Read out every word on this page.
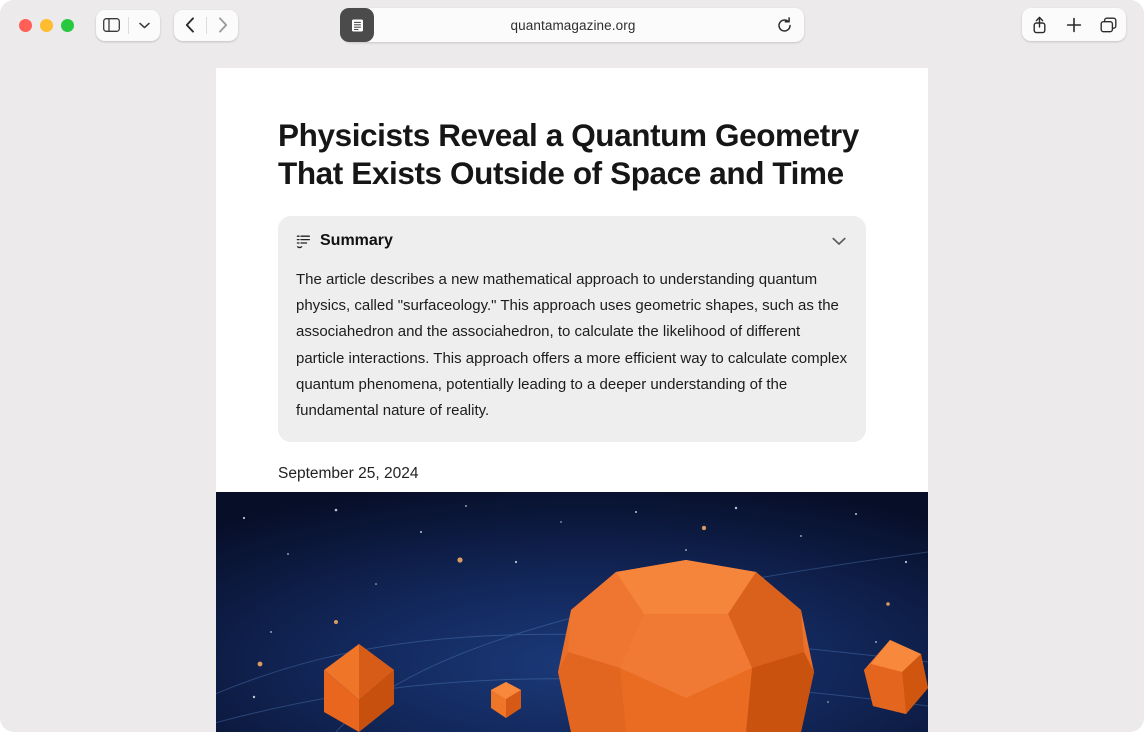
quantamagazine.org
Physicists Reveal a Quantum Geometry That Exists Outside of Space and Time
Summary

The article describes a new mathematical approach to understanding quantum physics, called "surfaceology." This approach uses geometric shapes, such as the associahedron and the associahedron, to calculate the likelihood of different particle interactions. This approach offers a more efficient way to calculate complex quantum phenomena, potentially leading to a deeper understanding of the fundamental nature of reality.

September 25, 2024
